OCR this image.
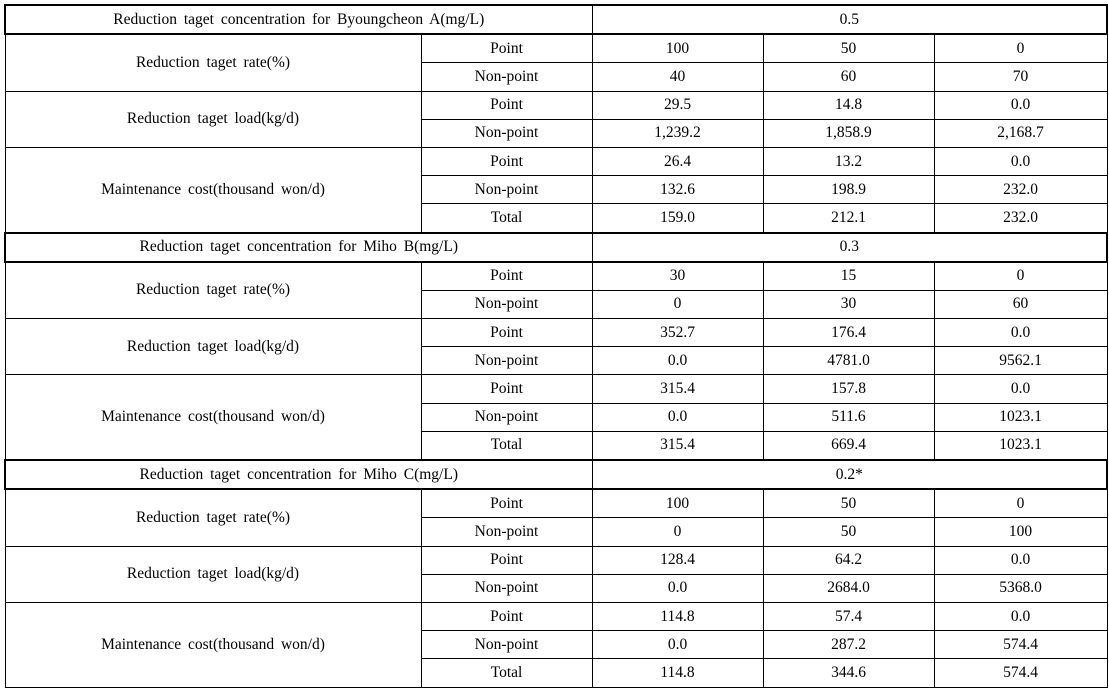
Reduction taget concentration for Byoungcheon A(mg/L)		0.5		
Reduction taget rate(%)	Point	100	50	0
	Non-point	40	60	70
Reduction taget load(kg/d)	Point	29.5	14.8	0.0
	Non-point	1,239.2	1,858.9	2,168.7
Maintenance cost(thousand won/d)	Point	26.4	13.2	0.0
	Non-point	132.6	198.9	232.0
	Total	159.0	212.1	232.0
Reduction taget concentration for Miho B(mg/L)		0.3		
Reduction taget rate(%)	Point	30	15	0
	Non-point	0	30	60
Reduction taget load(kg/d)	Point	352.7	176.4	0.0
	Non-point	0.0	4781.0	9562.1
Maintenance cost(thousand won/d)	Point	315.4	157.8	0.0
	Non-point	0.0	511.6	1023.1
	Total	315.4	669.4	1023.1
Reduction taget concentration for Miho C(mg/L)		0.2*		
Reduction taget rate(%)	Point	100	50	0
	Non-point	0	50	100
Reduction taget load(kg/d)	Point	128.4	64.2	0.0
	Non-point	0.0	2684.0	5368.0
Maintenance cost(thousand won/d)	Point	114.8	57.4	0.0
	Non-point	0.0	287.2	574.4
	Total	114.8	344.6	574.4
